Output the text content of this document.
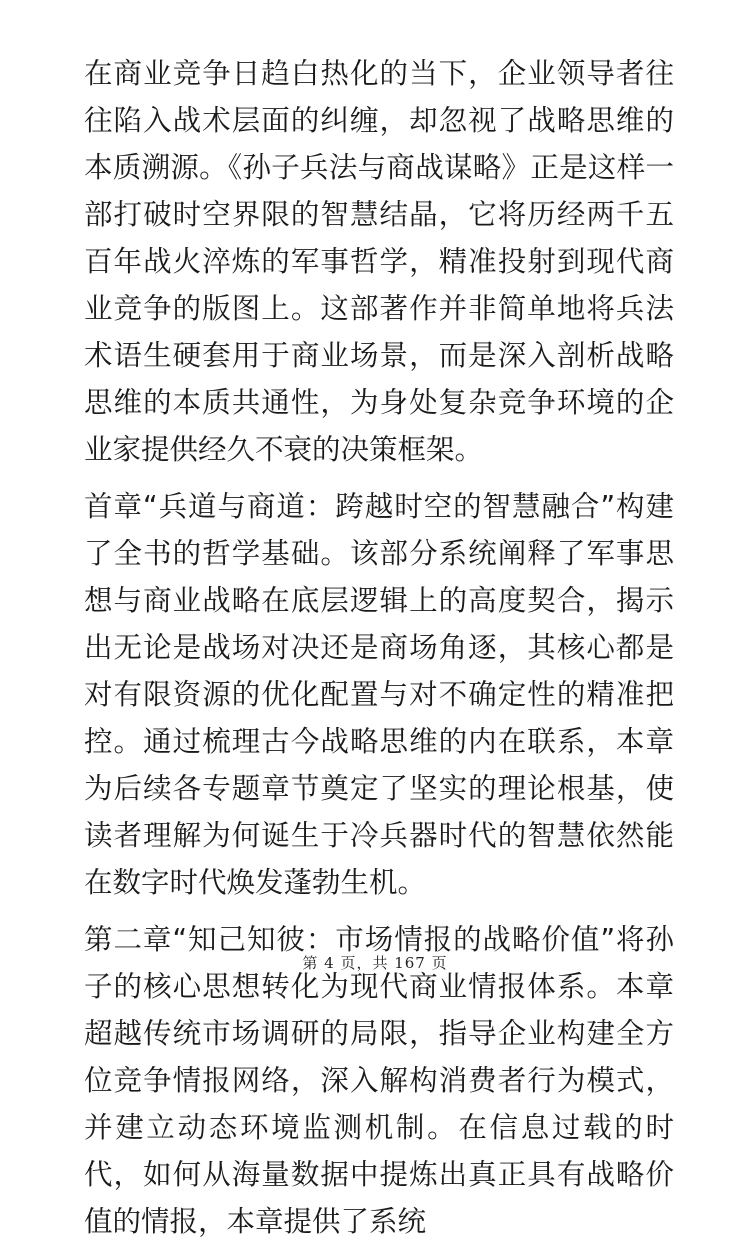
在商业竞争日趋白热化的当下，企业领导者往往陷入战术层面的纠缠，却忽视了战略思维的本质溯源。《孙子兵法与商战谋略》正是这样一部打破时空界限的智慧结晶，它将历经两千五百年战火淬炼的军事哲学，精准投射到现代商业竞争的版图上。这部著作并非简单地将兵法术语生硬套用于商业场景，而是深入剖析战略思维的本质共通性，为身处复杂竞争环境的企业家提供经久不衰的决策框架。

首章“兵道与商道：跨越时空的智慧融合”构建了全书的哲学基础。该部分系统阐释了军事思想与商业战略在底层逻辑上的高度契合，揭示出无论是战场对决还是商场角逐，其核心都是对有限资源的优化配置与对不确定性的精准把控。通过梳理古今战略思维的内在联系，本章为后续各专题章节奠定了坚实的理论根基，使读者理解为何诞生于冷兵器时代的智慧依然能在数字时代焕发蓬勃生机。

第二章“知己知彼：市场情报的战略价值”将孙子的核心思想转化为现代商业情报体系。本章超越传统市场调研的局限，指导企业构建全方位竞争情报网络，深入解构消费者行为模式，并建立动态环境监测机制。在信息过载的时代，如何从海量数据中提炼出真正具有战略价值的情报，本章提供了系统

第 4 页，共 167 页
